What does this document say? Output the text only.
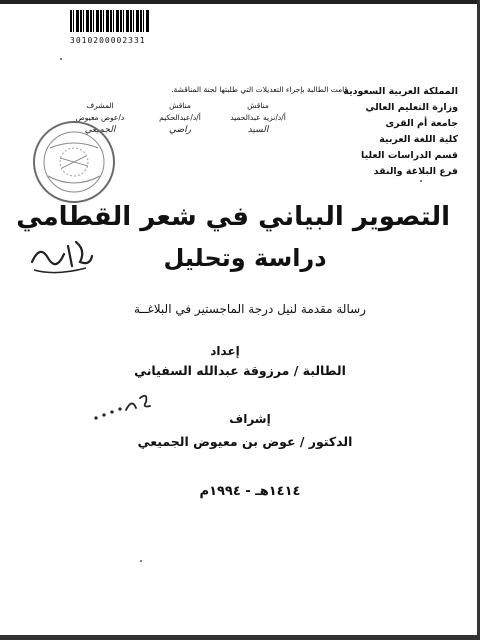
3010200002331
المملكة العربية السعودية
وزارة التعليم العالي
جامعة أم القرى
كلية اللغة العربية
قسم الدراسات العليا
فرع البلاغة والنقد
قامت الطالبة بإجراء التعديلات التي طلبتها لجنة المناقشة.
مناقش
أ/د/نزيه عبدالحميد
السيد
مناقش
أ/د/عبدالحكيم
راضي
المشرف
د/عوض معيوض
الجميعي
التصوير البياني في شعر القطامي
دراسة وتحليل
رسالة مقدمة لنيل درجة الماجستير في البلاغــة
إعداد
الطالبة / مرزوقة عبدالله السفياني
إشراف
الدكتور / عوض بن معيوض الجميعي
١٤١٤هـ - ١٩٩٤م
